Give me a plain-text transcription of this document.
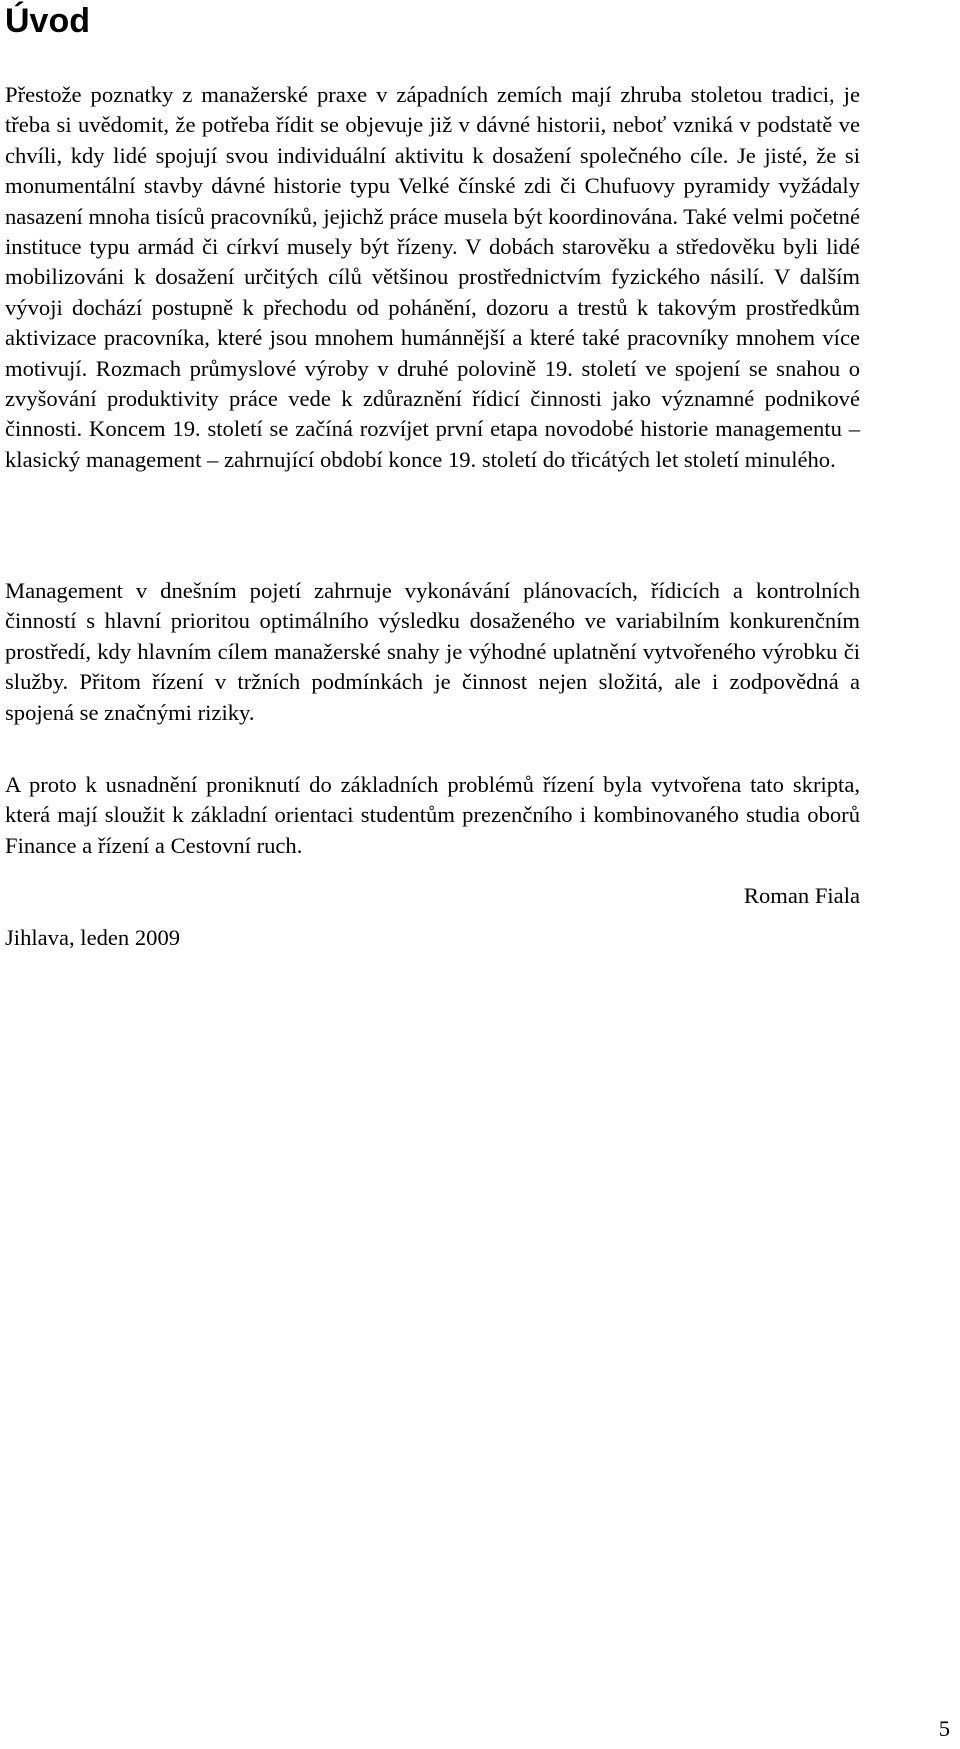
Úvod

Přestože poznatky z manažerské praxe v západních zemích mají zhruba stoletou tradici, je třeba si uvědomit, že potřeba řídit se objevuje již v dávné historii, neboť vzniká v podstatě ve chvíli, kdy lidé spojují svou individuální aktivitu k dosažení společného cíle. Je jisté, že si monumentální stavby dávné historie typu Velké čínské zdi či Chufuovy pyramidy vyžádaly nasazení mnoha tisíců pracovníků, jejichž práce musela být koordinována. Také velmi početné instituce typu armád či církví musely být řízeny. V dobách starověku a středověku byli lidé mobilizováni k dosažení určitých cílů většinou prostřednictvím fyzického násilí. V dalším vývoji dochází postupně k přechodu od pohánění, dozoru a trestů k takovým prostředkům aktivizace pracovníka, které jsou mnohem humánnější a které také pracovníky mnohem více motivují. Rozmach průmyslové výroby v druhé polovině 19. století ve spojení se snahou o zvyšování produktivity práce vede k zdůraznění řídicí činnosti jako významné podnikové činnosti. Koncem 19. století se začíná rozvíjet první etapa novodobé historie managementu – klasický management – zahrnující období konce 19. století do třicátých let století minulého.

Management v dnešním pojetí zahrnuje vykonávání plánovacích, řídicích a kontrolních činností s hlavní prioritou optimálního výsledku dosaženého ve variabilním konkurenčním prostředí, kdy hlavním cílem manažerské snahy je výhodné uplatnění vytvořeného výrobku či služby. Přitom řízení v tržních podmínkách je činnost nejen složitá, ale i zodpovědná a spojená se značnými riziky.

A proto k usnadnění proniknutí do základních problémů řízení byla vytvořena tato skripta, která mají sloužit k základní orientaci studentům prezenčního i kombinovaného studia oborů Finance a řízení a Cestovní ruch.

Roman Fiala
Jihlava, leden 2009
5
